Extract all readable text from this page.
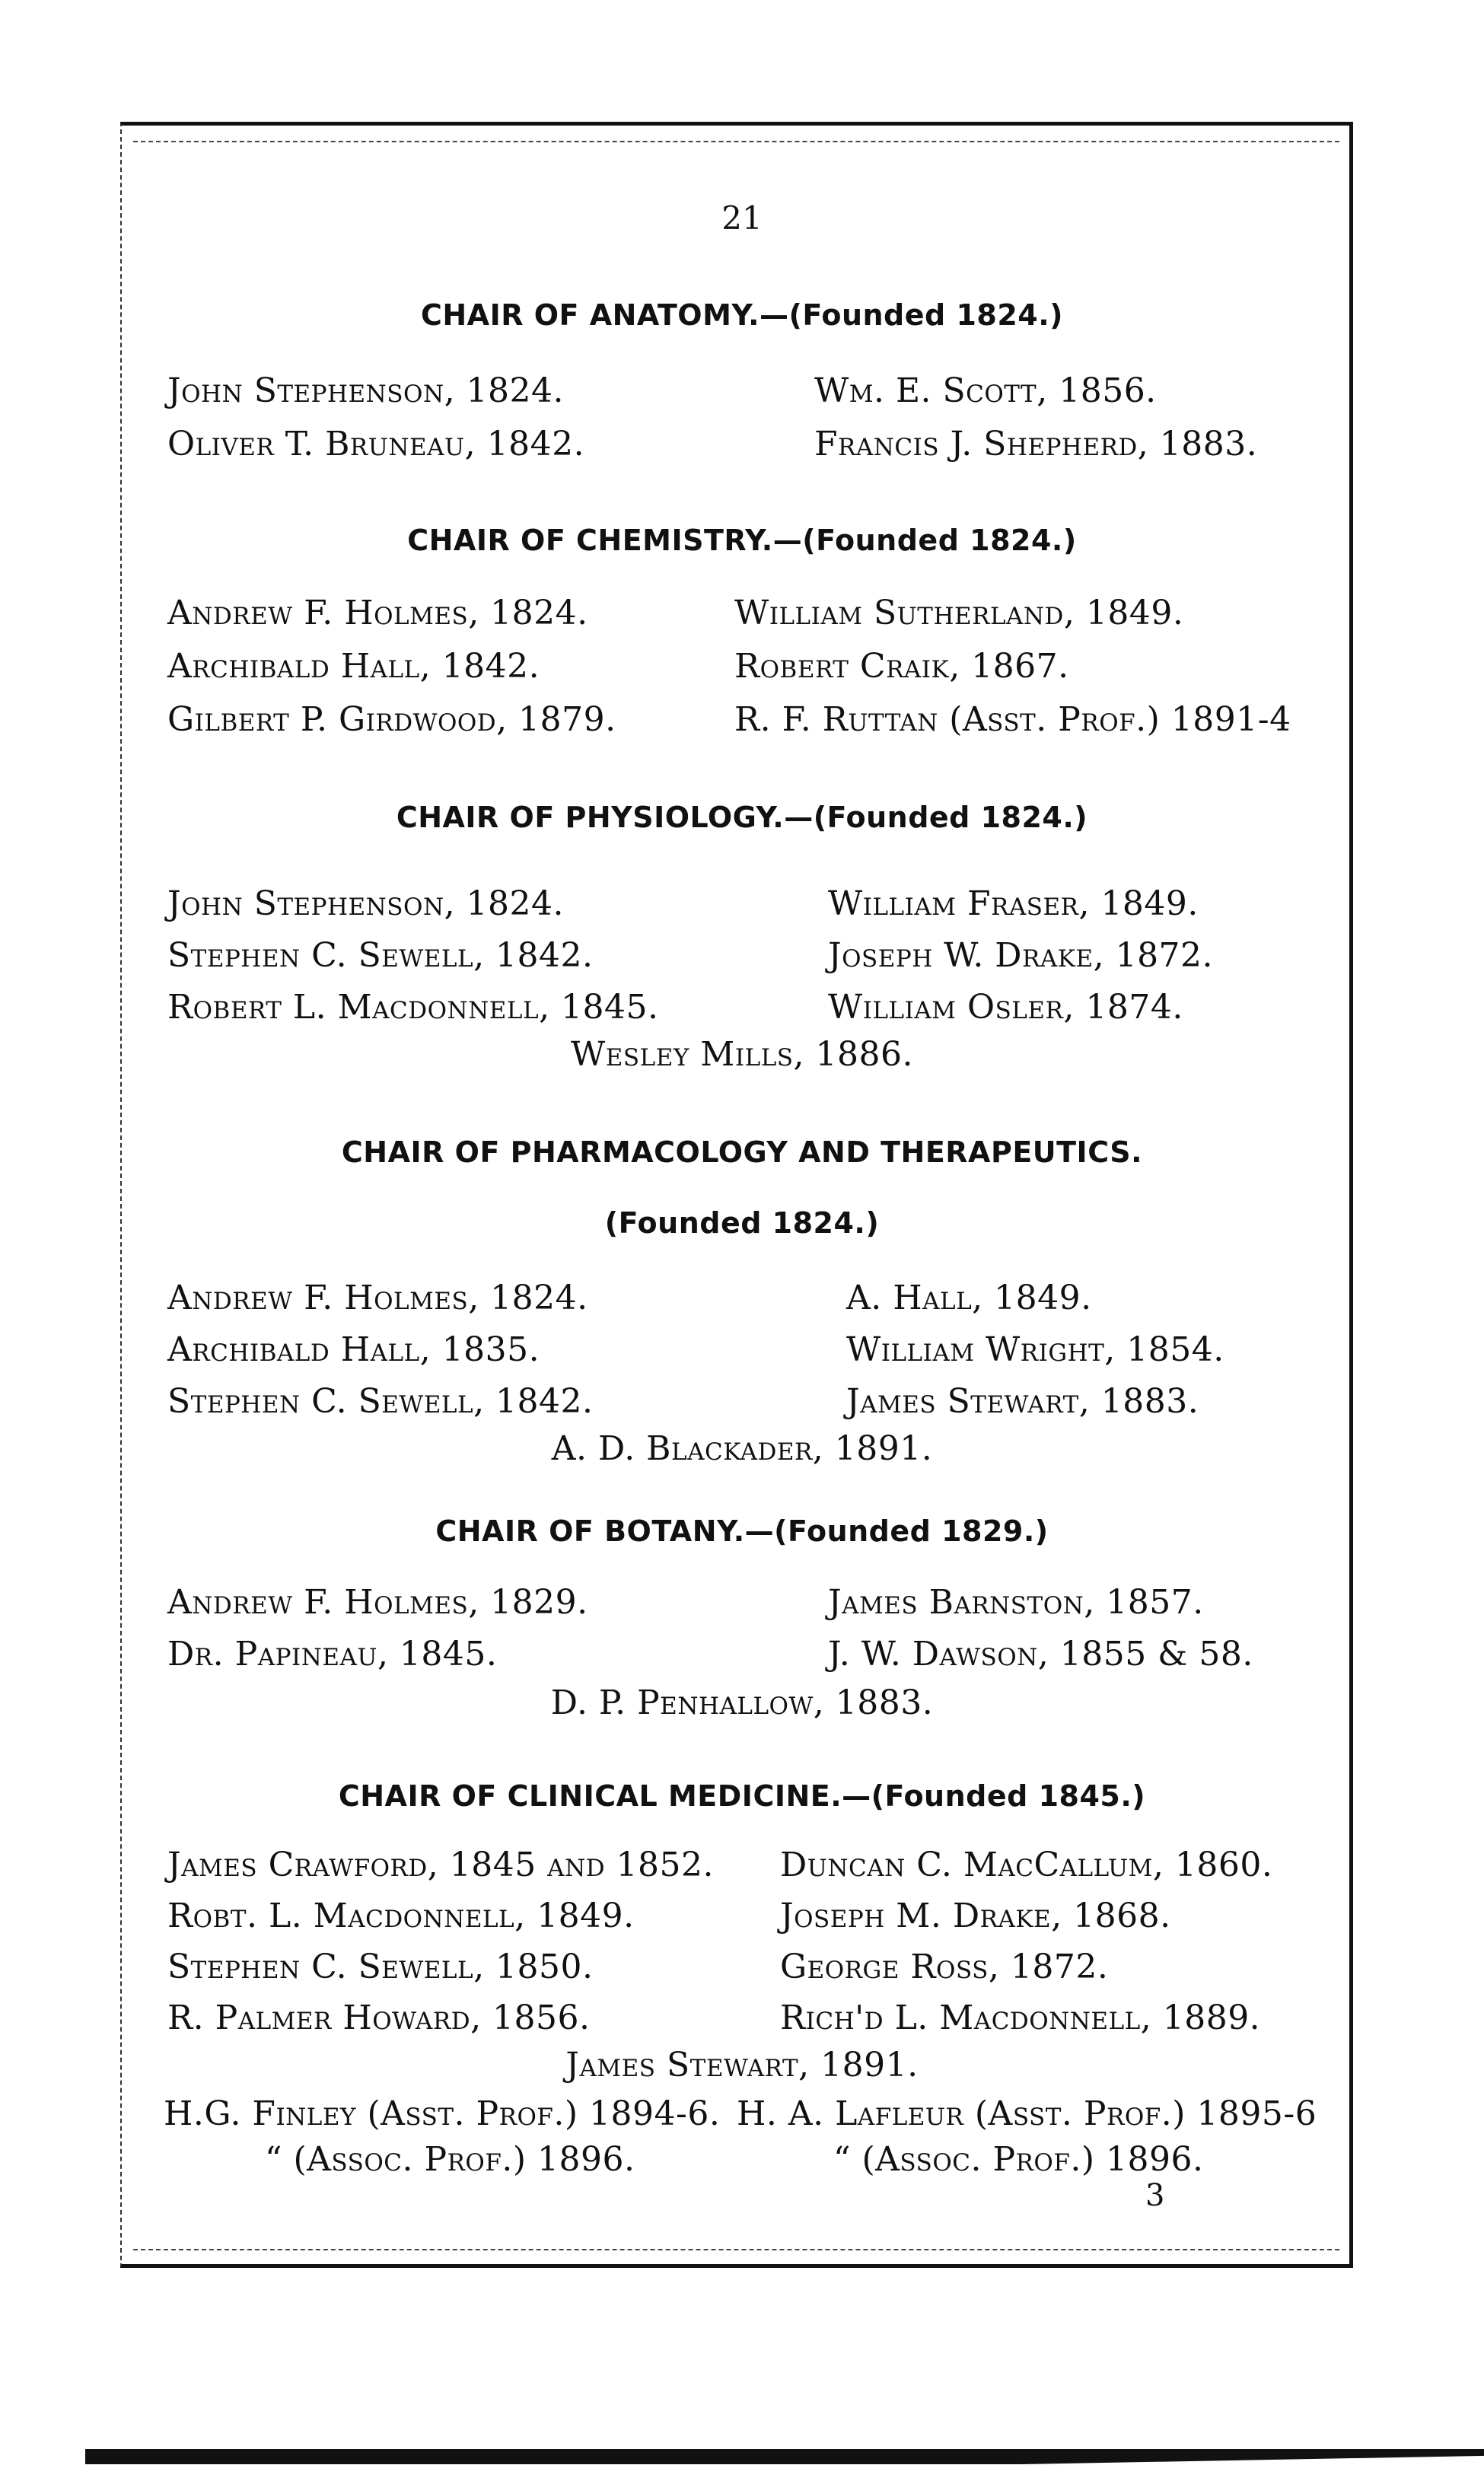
21
CHAIR OF ANATOMY.—(Founded 1824.)
John Stephenson, 1824.
Oliver T. Bruneau, 1842.
Wm. E. Scott, 1856.
Francis J. Shepherd, 1883.
CHAIR OF CHEMISTRY.—(Founded 1824.)
Andrew F. Holmes, 1824.
Archibald Hall, 1842.
Gilbert P. Girdwood, 1879.
William Sutherland, 1849.
Robert Craik, 1867.
R. F. Ruttan (Asst. Prof.) 1891-4
CHAIR OF PHYSIOLOGY.—(Founded 1824.)
John Stephenson, 1824.
Stephen C. Sewell, 1842.
Robert L. Macdonnell, 1845.
William Fraser, 1849.
Joseph W. Drake, 1872.
William Osler, 1874.
Wesley Mills, 1886.
CHAIR OF PHARMACOLOGY AND THERAPEUTICS.
(Founded 1824.)
Andrew F. Holmes, 1824.
Archibald Hall, 1835.
Stephen C. Sewell, 1842.
A. Hall, 1849.
William Wright, 1854.
James Stewart, 1883.
A. D. Blackader, 1891.
CHAIR OF BOTANY.—(Founded 1829.)
Andrew F. Holmes, 1829.
Dr. Papineau, 1845.
James Barnston, 1857.
J. W. Dawson, 1855 & 58.
D. P. Penhallow, 1883.
CHAIR OF CLINICAL MEDICINE.—(Founded 1845.)
James Crawford, 1845 and 1852.
Robt. L. Macdonnell, 1849.
Stephen C. Sewell, 1850.
R. Palmer Howard, 1856.
Duncan C. MacCallum, 1860.
Joseph M. Drake, 1868.
George Ross, 1872.
Rich'd L. Macdonnell, 1889.
James Stewart, 1891.
H.G. Finley (Asst. Prof.) 1894-6.
“ (Assoc. Prof.) 1896.
H. A. Lafleur (Asst. Prof.) 1895-6
“ (Assoc. Prof.) 1896.
3
